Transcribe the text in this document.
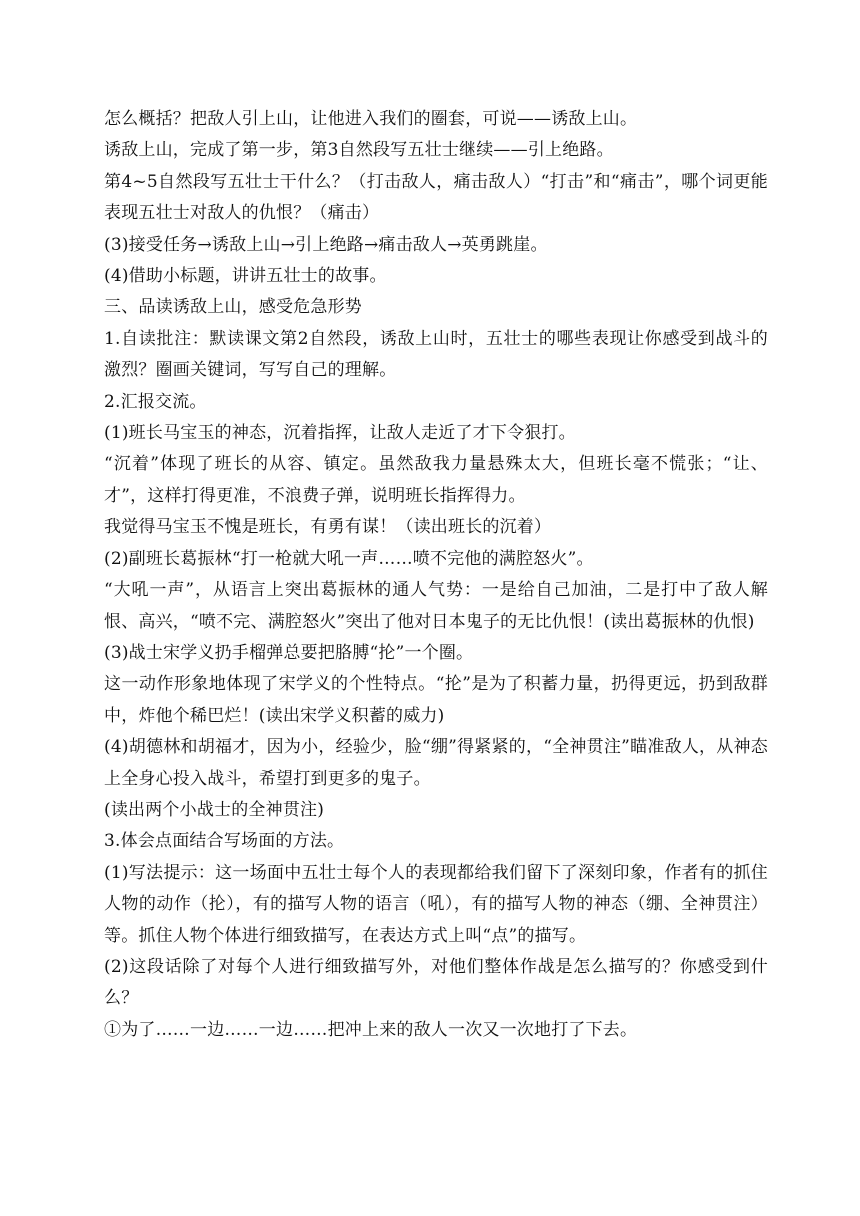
怎么概括？把敌人引上山，让他进入我们的圈套，可说——诱敌上山。

诱敌上山，完成了第一步，第3自然段写五壮士继续——引上绝路。

第4~5自然段写五壮士干什么？（打击敌人，痛击敌人）“打击”和“痛击”，哪个词更能表现五壮士对敌人的仇恨？（痛击）

(3)接受任务→诱敌上山→引上绝路→痛击敌人→英勇跳崖。

(4)借助小标题，讲讲五壮士的故事。

三、品读诱敌上山，感受危急形势

1.自读批注：默读课文第2自然段，诱敌上山时，五壮士的哪些表现让你感受到战斗的激烈？圈画关键词，写写自己的理解。

2.汇报交流。

(1)班长马宝玉的神态，沉着指挥，让敌人走近了才下令狠打。

“沉着”体现了班长的从容、镇定。虽然敌我力量悬殊太大，但班长毫不慌张；“让、才”，这样打得更准，不浪费子弹，说明班长指挥得力。

我觉得马宝玉不愧是班长，有勇有谋！（读出班长的沉着）

(2)副班长葛振林“打一枪就大吼一声……喷不完他的满腔怒火”。

“大吼一声”，从语言上突出葛振林的通人气势：一是给自己加油，二是打中了敌人解恨、高兴，“喷不完、满腔怒火”突出了他对日本鬼子的无比仇恨！(读出葛振林的仇恨)

(3)战士宋学义扔手榴弹总要把胳膊“抡”一个圈。

这一动作形象地体现了宋学义的个性特点。“抡”是为了积蓄力量，扔得更远，扔到敌群中，炸他个稀巴烂！(读出宋学义积蓄的威力)

(4)胡德林和胡福才，因为小，经验少，脸“绷”得紧紧的，“全神贯注”瞄准敌人，从神态上全身心投入战斗，希望打到更多的鬼子。

(读出两个小战士的全神贯注)

3.体会点面结合写场面的方法。

(1)写法提示：这一场面中五壮士每个人的表现都给我们留下了深刻印象，作者有的抓住人物的动作（抡），有的描写人物的语言（吼），有的描写人物的神态（绷、全神贯注）等。抓住人物个体进行细致描写，在表达方式上叫“点”的描写。

(2)这段话除了对每个人进行细致描写外，对他们整体作战是怎么描写的？你感受到什么？

①为了……一边……一边……把冲上来的敌人一次又一次地打了下去。
